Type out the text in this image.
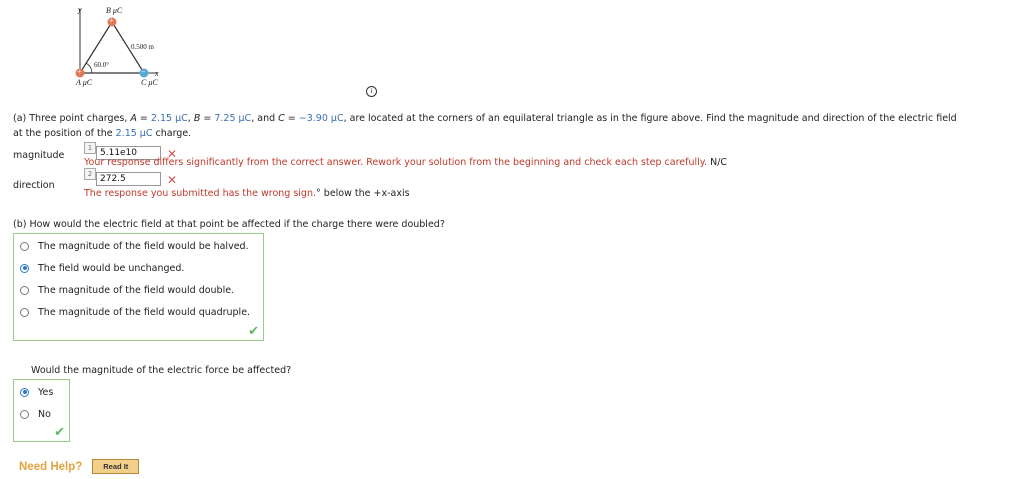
+
+	−
y	B μC
0.500 m
60.0°
x
A μC	C μC
i
(a) Three point charges, A = 2.15 μC, B = 7.25 μC, and C = −3.90 μC, are located at the corners of an equilateral triangle as in the figure above. Find the magnitude and direction of the electric field
at the position of the 2.15 μC charge.
magnitude
1 5.11e10	✕
Your response differs significantly from the correct answer. Rework your solution from the beginning and check each step carefully. N/C
direction
2 272.5	✕
The response you submitted has the wrong sign.° below the +x-axis
(b) How would the electric field at that point be affected if the charge there were doubled?
The magnitude of the field would be halved.
The field would be unchanged.
The magnitude of the field would double.
The magnitude of the field would quadruple.
✔
Would the magnitude of the electric force be affected?
Yes
No
✔
Need Help?	Read It
